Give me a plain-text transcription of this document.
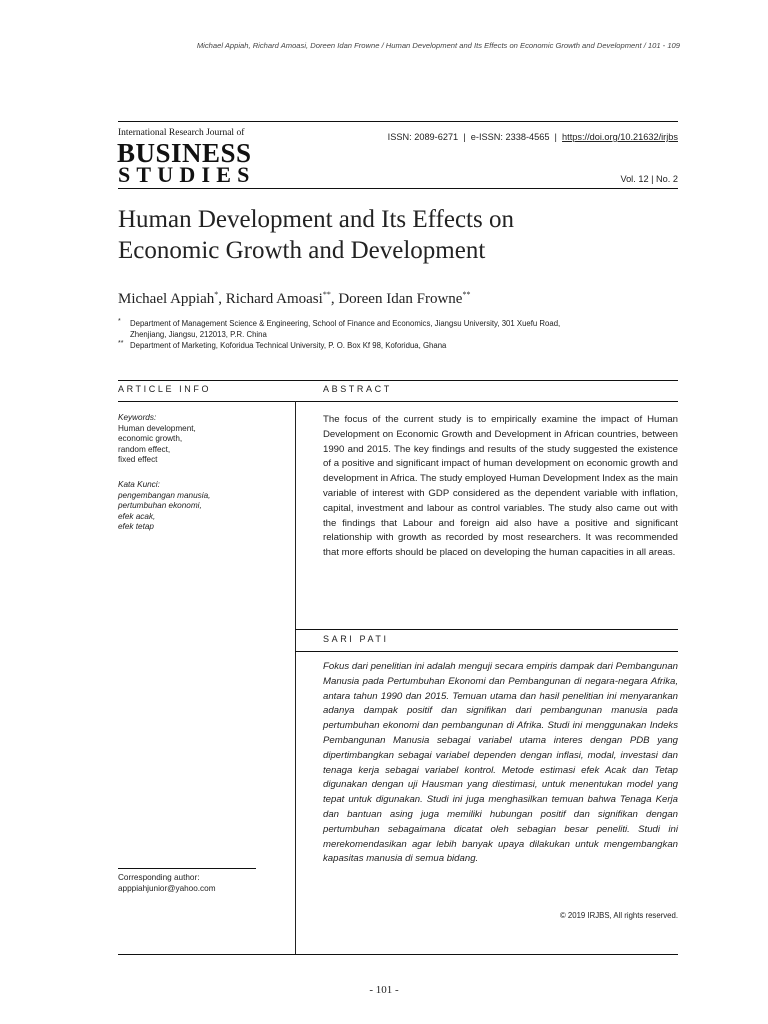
Michael Appiah, Richard Amoasi, Doreen Idan Frowne / Human Development and Its Effects on Economic Growth and Development / 101 - 109
International Research Journal of
BUSINESS
STUDIES
ISSN: 2089-6271 | e-ISSN: 2338-4565 | https://doi.org/10.21632/irjbs
Vol. 12 | No. 2
Human Development and Its Effects on
Economic Growth and Development
Michael Appiah*, Richard Amoasi**, Doreen Idan Frowne**
* Department of Management Science & Engineering, School of Finance and Economics, Jiangsu University, 301 Xuefu Road,
Zhenjiang, Jiangsu, 212013, P.R. China
** Department of Marketing, Koforidua Technical University, P. O. Box Kf 98, Koforidua, Ghana
ARTICLE INFO	ABSTRACT
Keywords:
Human development,
economic growth,
random effect,
fixed effect
Kata Kunci:
pengembangan manusia,
pertumbuhan ekonomi,
efek acak,
efek tetap
The focus of the current study is to empirically examine the impact of Human Development on Economic Growth and Development in African countries, between 1990 and 2015. The key findings and results of the study suggested the existence of a positive and significant impact of human development on economic growth and development in Africa. The study employed Human Development Index as the main variable of interest with GDP considered as the dependent variable with inflation, capital, investment and labour as control variables. The study also came out with the findings that Labour and foreign aid also have a positive and significant relationship with growth as recorded by most researchers. It was recommended that more efforts should be placed on developing the human capacities in all areas.
SARI PATI
Fokus dari penelitian ini adalah menguji secara empiris dampak dari Pembangunan Manusia pada Pertumbuhan Ekonomi dan Pembangunan di negara-negara Afrika, antara tahun 1990 dan 2015. Temuan utama dan hasil penelitian ini menyarankan adanya dampak positif dan signifikan dari pembangunan manusia pada pertumbuhan ekonomi dan pembangunan di Afrika. Studi ini menggunakan Indeks Pembangunan Manusia sebagai variabel utama interes dengan PDB yang dipertimbangkan sebagai variabel dependen dengan inflasi, modal, investasi dan tenaga kerja sebagai variabel kontrol. Metode estimasi efek Acak dan Tetap digunakan dengan uji Hausman yang diestimasi, untuk menentukan model yang tepat untuk digunakan. Studi ini juga menghasilkan temuan bahwa Tenaga Kerja dan bantuan asing juga memiliki hubungan positif dan signifikan dengan pertumbuhan sebagaimana dicatat oleh sebagian besar peneliti. Studi ini merekomendasikan agar lebih banyak upaya dilakukan untuk mengembangkan kapasitas manusia di semua bidang.
Corresponding author:
apppiahjunior@yahoo.com
© 2019 IRJBS, All rights reserved.
- 101 -
